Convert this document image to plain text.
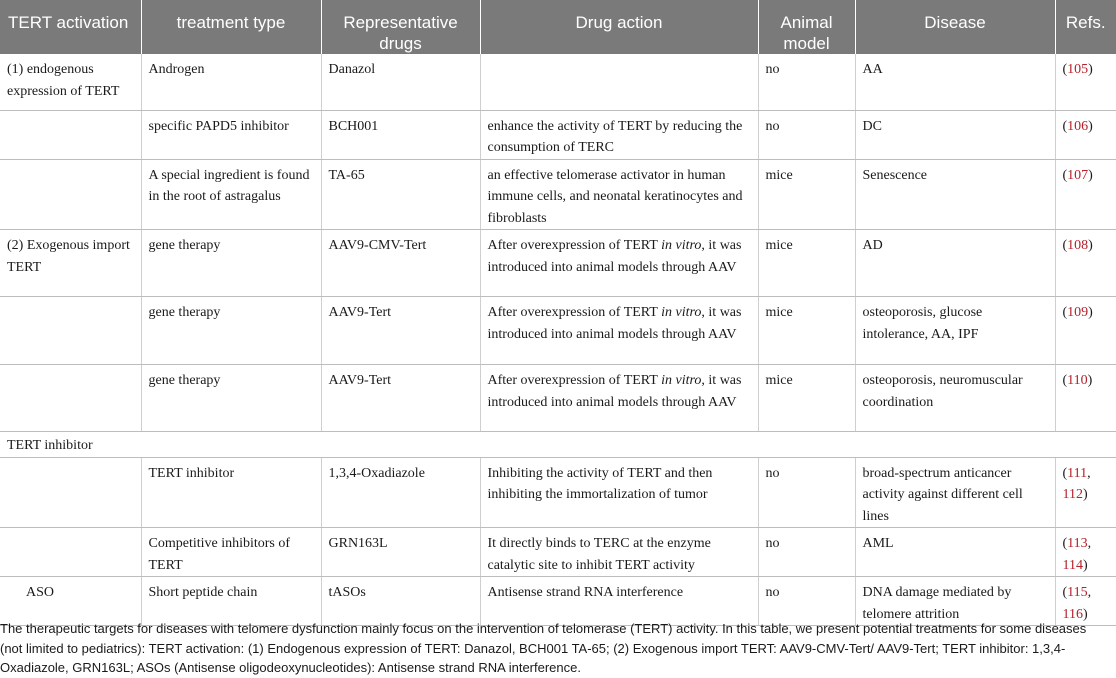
TERT activation	treatment type	Representative drugs	Drug action	Animal model	Disease	Refs.
(1) endogenous expression of TERT	Androgen	Danazol		no	AA	(105)
	specific PAPD5 inhibitor	BCH001	enhance the activity of TERT by reducing the consumption of TERC	no	DC	(106)
	A special ingredient is found in the root of astragalus	TA-65	an effective telomerase activator in human immune cells, and neonatal keratinocytes and fibroblasts	mice	Senescence	(107)
(2) Exogenous import TERT	gene therapy	AAV9-CMV-Tert	After overexpression of TERT in vitro, it was introduced into animal models through AAV	mice	AD	(108)
	gene therapy	AAV9-Tert	After overexpression of TERT in vitro, it was introduced into animal models through AAV	mice	osteoporosis, glucose intolerance, AA, IPF	(109)
	gene therapy	AAV9-Tert	After overexpression of TERT in vitro, it was introduced into animal models through AAV	mice	osteoporosis, neuromuscular coordination	(110)
TERT inhibitor						
	TERT inhibitor	1,3,4-Oxadiazole	Inhibiting the activity of TERT and then inhibiting the immortalization of tumor	no	broad-spectrum anticancer activity against different cell lines	(111, 112)
	Competitive inhibitors of TERT	GRN163L	It directly binds to TERC at the enzyme catalytic site to inhibit TERT activity	no	AML	(113, 114)
ASO	Short peptide chain	tASOs	Antisense strand RNA interference	no	DNA damage mediated by telomere attrition	(115, 116)
The therapeutic targets for diseases with telomere dysfunction mainly focus on the intervention of telomerase (TERT) activity. In this table, we present potential treatments for some diseases (not limited to pediatrics): TERT activation: (1) Endogenous expression of TERT: Danazol, BCH001 TA-65; (2) Exogenous import TERT: AAV9-CMV-Tert/ AAV9-Tert; TERT inhibitor: 1,3,4-Oxadiazole, GRN163L; ASOs (Antisense oligodeoxynucleotides): Antisense strand RNA interference.
